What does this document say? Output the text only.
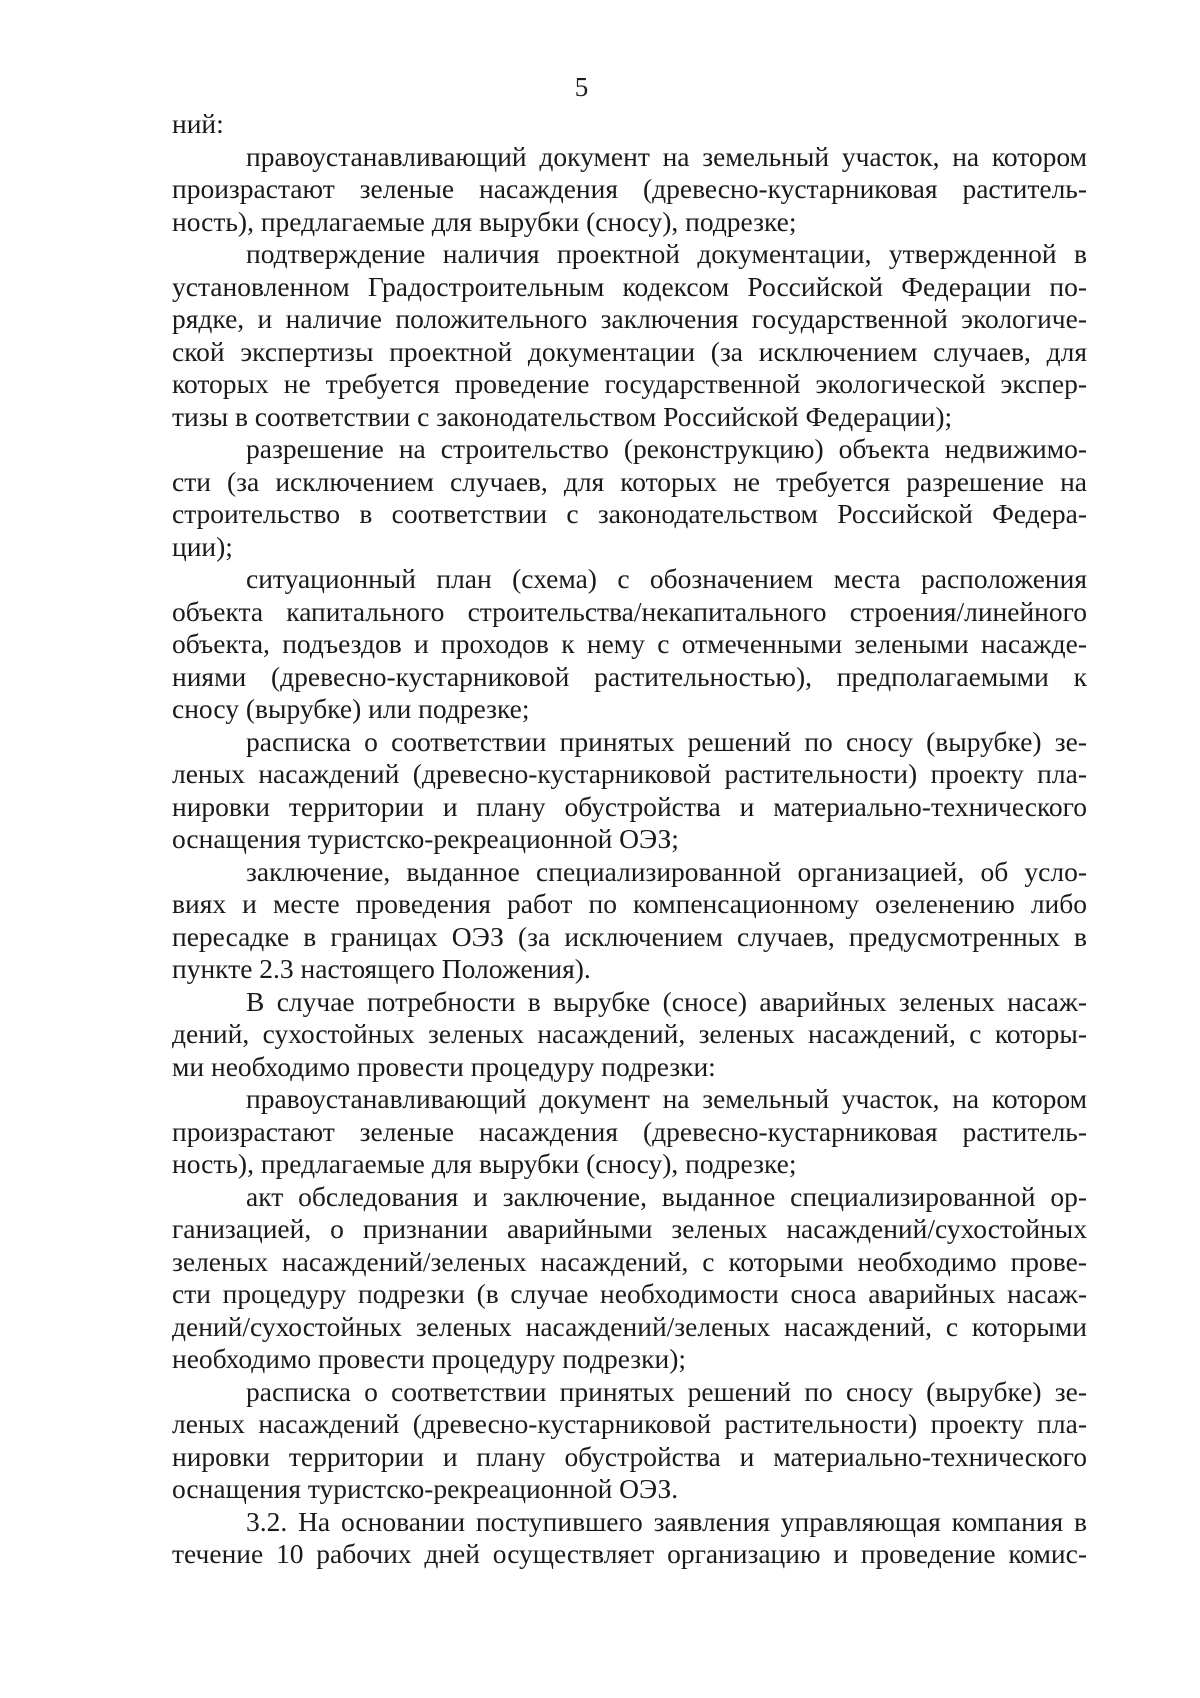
5

ний:

правоустанавливающий документ на земельный участок, на котором
произрастают зеленые насаждения (древесно-кустарниковая раститель-
ность), предлагаемые для вырубки (сносу), подрезке;

подтверждение наличия проектной документации, утвержденной в
установленном Градостроительным кодексом Российской Федерации по-
рядке, и наличие положительного заключения государственной экологиче-
ской экспертизы проектной документации (за исключением случаев, для
которых не требуется проведение государственной экологической экспер-
тизы в соответствии с законодательством Российской Федерации);

разрешение на строительство (реконструкцию) объекта недвижимо-
сти (за исключением случаев, для которых не требуется разрешение на
строительство в соответствии с законодательством Российской Федера-
ции);

ситуационный план (схема) с обозначением места расположения
объекта капитального строительства/некапитального строения/линейного
объекта, подъездов и проходов к нему с отмеченными зелеными насажде-
ниями (древесно-кустарниковой растительностью), предполагаемыми к
сносу (вырубке) или подрезке;

расписка о соответствии принятых решений по сносу (вырубке) зе-
леных насаждений (древесно-кустарниковой растительности) проекту пла-
нировки территории и плану обустройства и материально-технического
оснащения туристско-рекреационной ОЭЗ;

заключение, выданное специализированной организацией, об усло-
виях и месте проведения работ по компенсационному озеленению либо
пересадке в границах ОЭЗ (за исключением случаев, предусмотренных в
пункте 2.3 настоящего Положения).

В случае потребности в вырубке (сносе) аварийных зеленых насаж-
дений, сухостойных зеленых насаждений, зеленых насаждений, с которы-
ми необходимо провести процедуру подрезки:

правоустанавливающий документ на земельный участок, на котором
произрастают зеленые насаждения (древесно-кустарниковая раститель-
ность), предлагаемые для вырубки (сносу), подрезке;

акт обследования и заключение, выданное специализированной ор-
ганизацией, о признании аварийными зеленых насаждений/сухостойных
зеленых насаждений/зеленых насаждений, с которыми необходимо прове-
сти процедуру подрезки (в случае необходимости сноса аварийных насаж-
дений/сухостойных зеленых насаждений/зеленых насаждений, с которыми
необходимо провести процедуру подрезки);

расписка о соответствии принятых решений по сносу (вырубке) зе-
леных насаждений (древесно-кустарниковой растительности) проекту пла-
нировки территории и плану обустройства и материально-технического
оснащения туристско-рекреационной ОЭЗ.

3.2. На основании поступившего заявления управляющая компания в
течение 10 рабочих дней осуществляет организацию и проведение комис-
